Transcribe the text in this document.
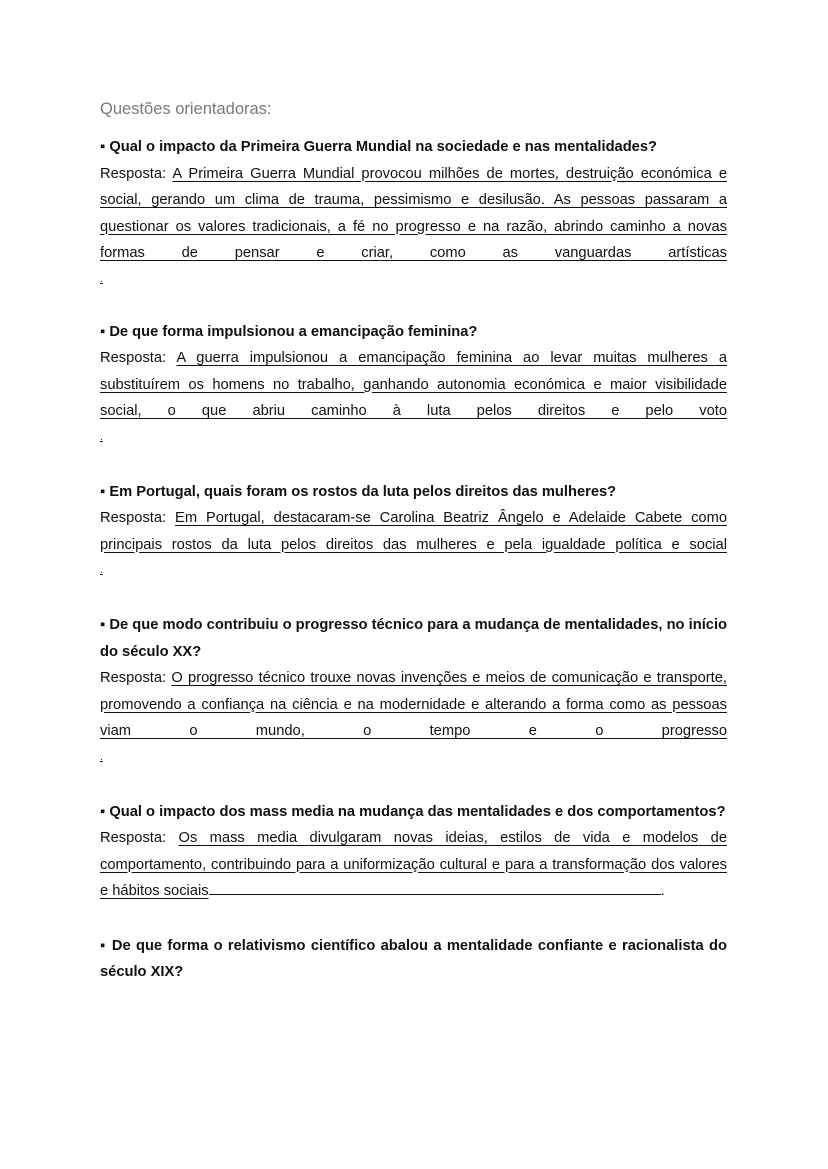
Questões orientadoras:

▪ Qual o impacto da Primeira Guerra Mundial na sociedade e nas mentalidades?

Resposta: A Primeira Guerra Mundial provocou milhões de mortes, destruição económica e social, gerando um clima de trauma, pessimismo e desilusão. As pessoas passaram a questionar os valores tradicionais, a fé no progresso e na razão, abrindo caminho a novas formas de pensar e criar, como as vanguardas artísticas

.

▪ De que forma impulsionou a emancipação feminina?

Resposta: A guerra impulsionou a emancipação feminina ao levar muitas mulheres a substituírem os homens no trabalho, ganhando autonomia económica e maior visibilidade social, o que abriu caminho à luta pelos direitos e pelo voto

.

▪ Em Portugal, quais foram os rostos da luta pelos direitos das mulheres?

Resposta: Em Portugal, destacaram-se Carolina Beatriz Ângelo e Adelaide Cabete como principais rostos da luta pelos direitos das mulheres e pela igualdade política e social

.

▪ De que modo contribuiu o progresso técnico para a mudança de mentalidades, no início do século XX?

Resposta: O progresso técnico trouxe novas invenções e meios de comunicação e transporte, promovendo a confiança na ciência e na modernidade e alterando a forma como as pessoas viam o mundo, o tempo e o progresso

.

▪ Qual o impacto dos mass media na mudança das mentalidades e dos comportamentos?

Resposta: Os mass media divulgaram novas ideias, estilos de vida e modelos de comportamento, contribuindo para a uniformização cultural e para a transformação dos valores e hábitos sociais	.

▪ De que forma o relativismo científico abalou a mentalidade confiante e racionalista do século XIX?
